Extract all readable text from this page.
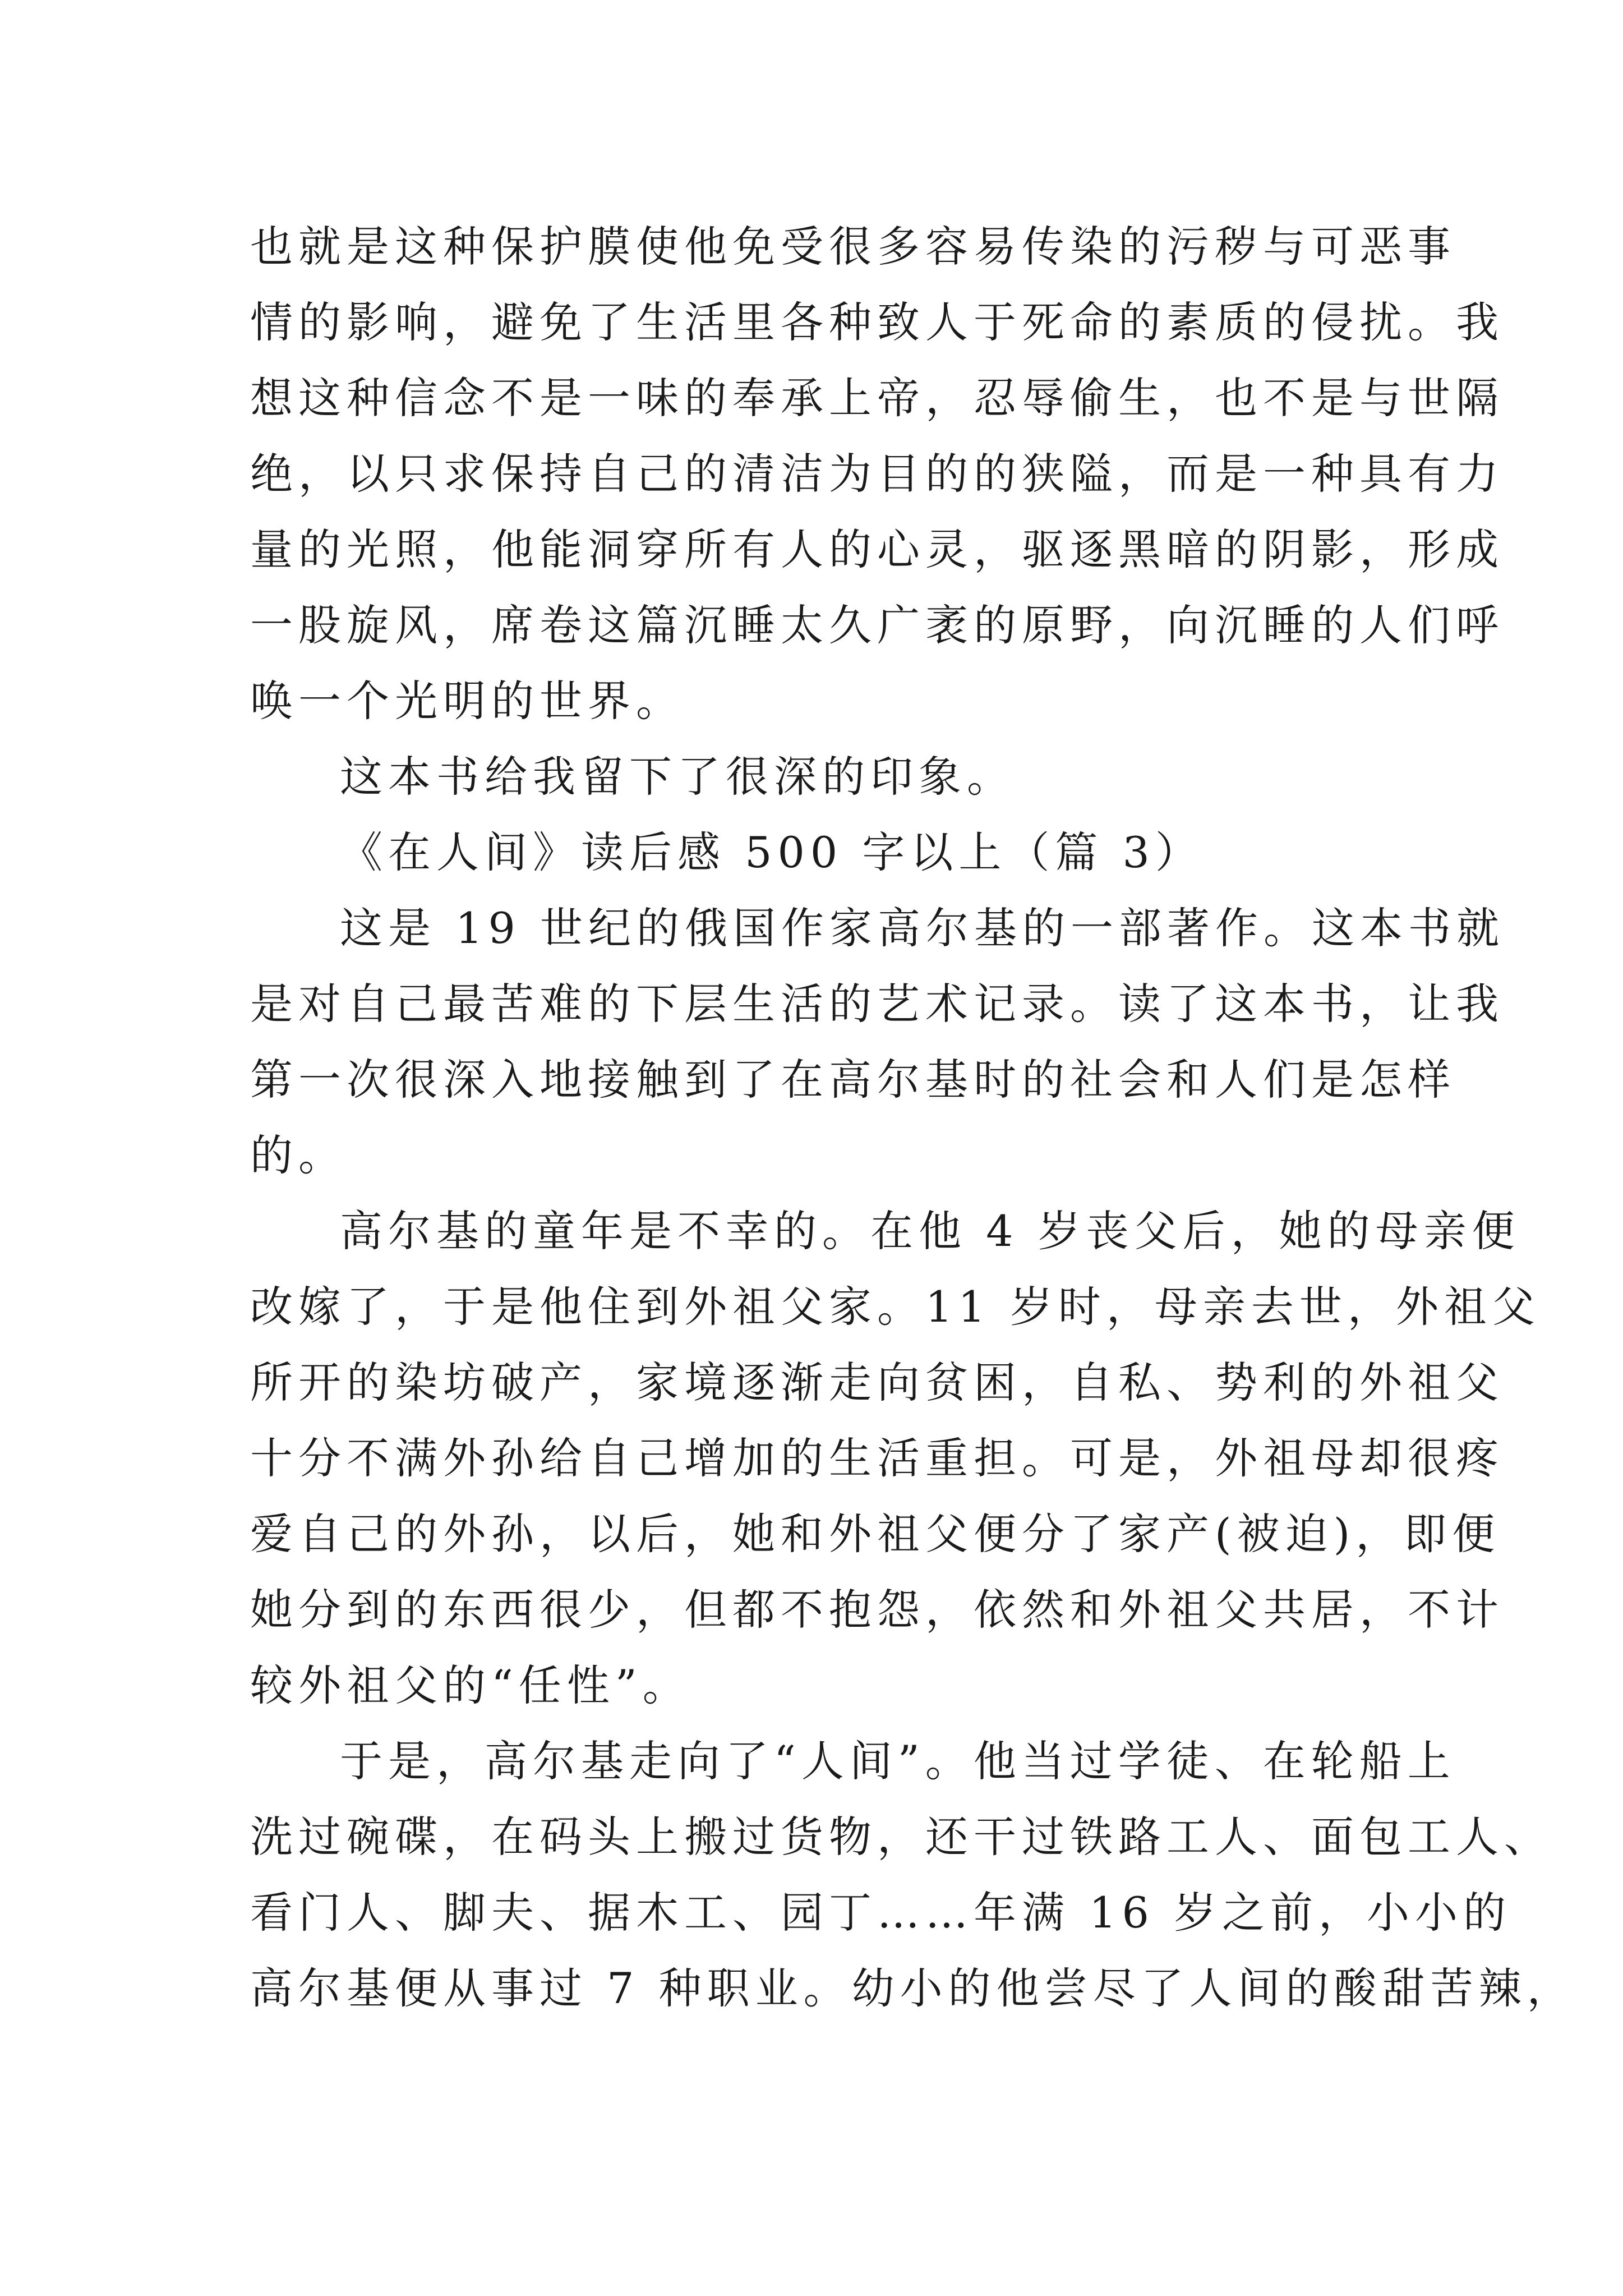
也就是这种保护膜使他免受很多容易传染的污秽与可恶事
情的影响，避免了生活里各种致人于死命的素质的侵扰。我
想这种信念不是一味的奉承上帝，忍辱偷生，也不是与世隔
绝，以只求保持自己的清洁为目的的狭隘，而是一种具有力
量的光照，他能洞穿所有人的心灵，驱逐黑暗的阴影，形成
一股旋风，席卷这篇沉睡太久广袤的原野，向沉睡的人们呼
唤一个光明的世界。
这本书给我留下了很深的印象。
《在人间》读后感 500 字以上（篇 3）
这是 19 世纪的俄国作家高尔基的一部著作。这本书就
是对自己最苦难的下层生活的艺术记录。读了这本书，让我
第一次很深入地接触到了在高尔基时的社会和人们是怎样
的。
高尔基的童年是不幸的。在他 4 岁丧父后，她的母亲便
改嫁了，于是他住到外祖父家。11 岁时，母亲去世，外祖父
所开的染坊破产，家境逐渐走向贫困，自私、势利的外祖父
十分不满外孙给自己增加的生活重担。可是，外祖母却很疼
爱自己的外孙，以后，她和外祖父便分了家产(被迫)，即便
她分到的东西很少，但都不抱怨，依然和外祖父共居，不计
较外祖父的“任性”。
于是，高尔基走向了“人间”。他当过学徒、在轮船上
洗过碗碟，在码头上搬过货物，还干过铁路工人、面包工人、
看门人、脚夫、据木工、园丁……年满 16 岁之前，小小的
高尔基便从事过 7 种职业。幼小的他尝尽了人间的酸甜苦辣，
